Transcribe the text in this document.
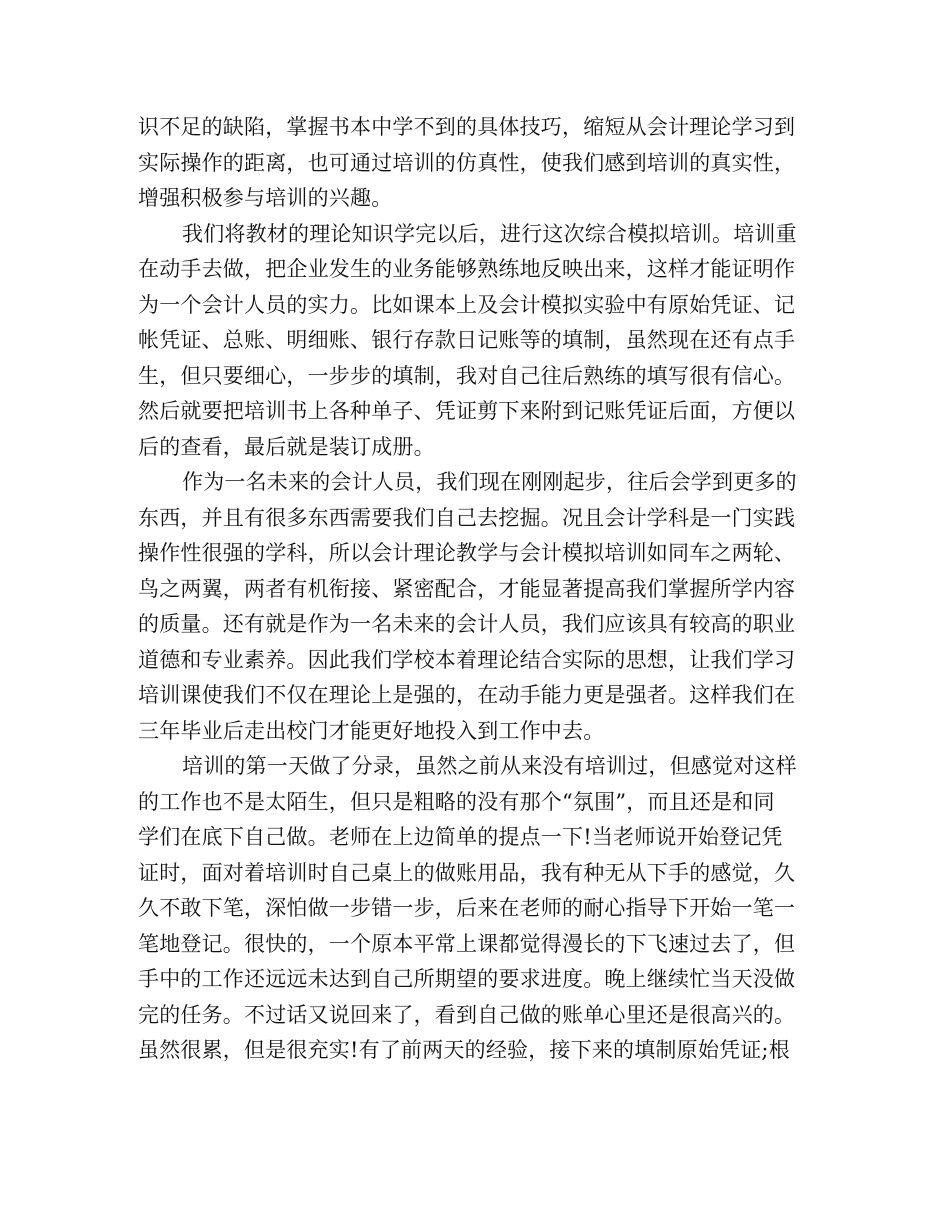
识不足的缺陷，掌握书本中学不到的具体技巧，缩短从会计理论学习到
实际操作的距离，也可通过培训的仿真性，使我们感到培训的真实性，
增强积极参与培训的兴趣。
我们将教材的理论知识学完以后，进行这次综合模拟培训。培训重
在动手去做，把企业发生的业务能够熟练地反映出来，这样才能证明作
为一个会计人员的实力。比如课本上及会计模拟实验中有原始凭证、记
帐凭证、总账、明细账、银行存款日记账等的填制，虽然现在还有点手
生，但只要细心，一步步的填制，我对自己往后熟练的填写很有信心。
然后就要把培训书上各种单子、凭证剪下来附到记账凭证后面，方便以
后的查看，最后就是装订成册。
作为一名未来的会计人员，我们现在刚刚起步，往后会学到更多的
东西，并且有很多东西需要我们自己去挖掘。况且会计学科是一门实践
操作性很强的学科，所以会计理论教学与会计模拟培训如同车之两轮、
鸟之两翼，两者有机衔接、紧密配合，才能显著提高我们掌握所学内容
的质量。还有就是作为一名未来的会计人员，我们应该具有较高的职业
道德和专业素养。因此我们学校本着理论结合实际的思想，让我们学习
培训课使我们不仅在理论上是强的，在动手能力更是强者。这样我们在
三年毕业后走出校门才能更好地投入到工作中去。
培训的第一天做了分录，虽然之前从来没有培训过，但感觉对这样
的工作也不是太陌生，但只是粗略的没有那个“氛围”，而且还是和同
学们在底下自己做。老师在上边简单的提点一下!当老师说开始登记凭
证时，面对着培训时自己桌上的做账用品，我有种无从下手的感觉，久
久不敢下笔，深怕做一步错一步，后来在老师的耐心指导下开始一笔一
笔地登记。很快的，一个原本平常上课都觉得漫长的下飞速过去了，但
手中的工作还远远未达到自己所期望的要求进度。晚上继续忙当天没做
完的任务。不过话又说回来了，看到自己做的账单心里还是很高兴的。
虽然很累，但是很充实!有了前两天的经验，接下来的填制原始凭证;根
